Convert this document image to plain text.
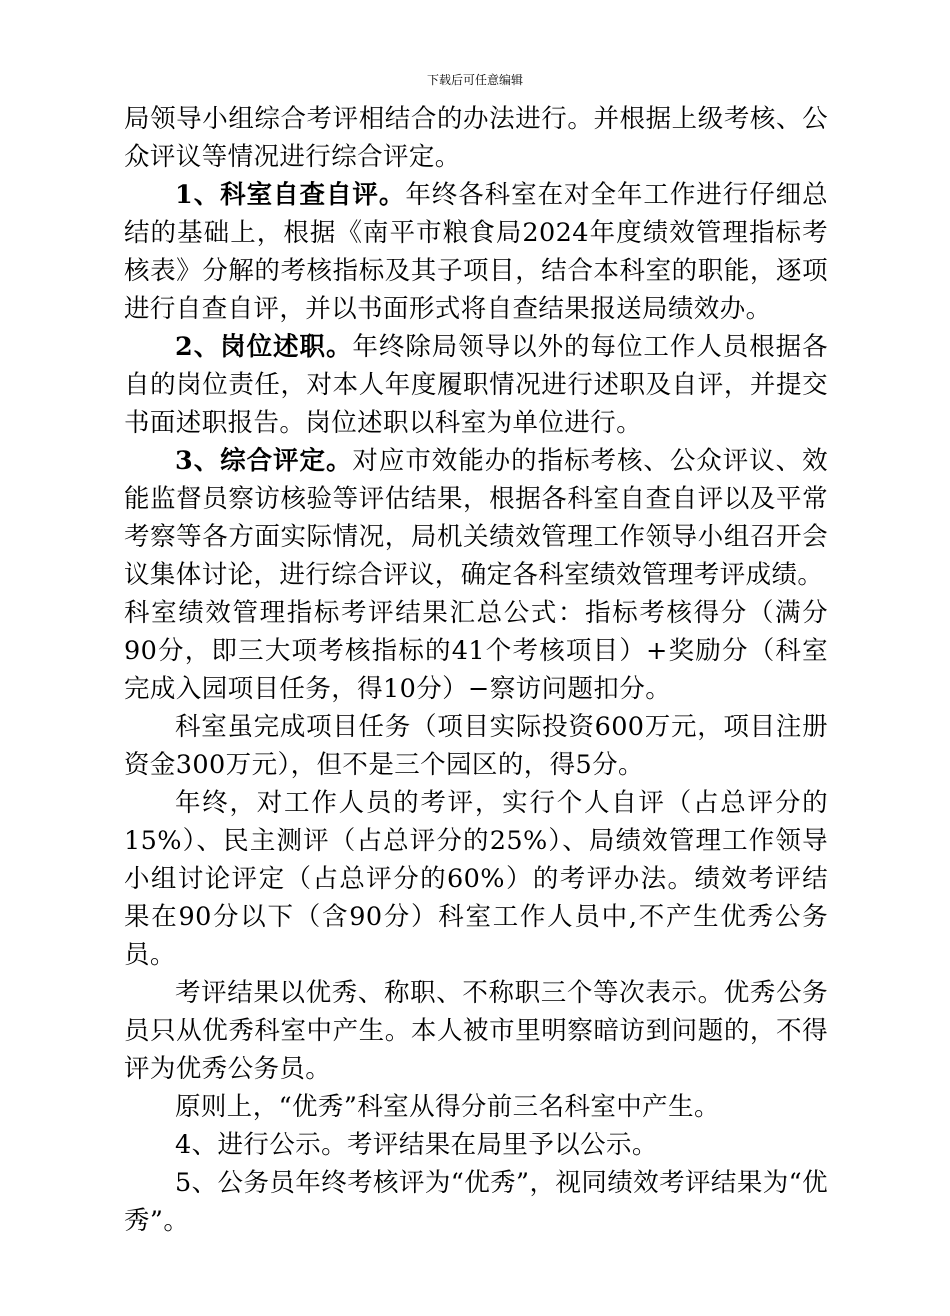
下载后可任意编辑

局领导小组综合考评相结合的办法进行。并根据上级考核、公众评议等情况进行综合评定。

1、科室自查自评。年终各科室在对全年工作进行仔细总结的基础上，根据《南平市粮食局2024年度绩效管理指标考核表》分解的考核指标及其子项目，结合本科室的职能，逐项进行自查自评，并以书面形式将自查结果报送局绩效办。

2、岗位述职。年终除局领导以外的每位工作人员根据各自的岗位责任，对本人年度履职情况进行述职及自评，并提交书面述职报告。岗位述职以科室为单位进行。

3、综合评定。对应市效能办的指标考核、公众评议、效能监督员察访核验等评估结果，根据各科室自查自评以及平常考察等各方面实际情况，局机关绩效管理工作领导小组召开会议集体讨论，进行综合评议，确定各科室绩效管理考评成绩。

科室绩效管理指标考评结果汇总公式：指标考核得分（满分90分，即三大项考核指标的41个考核项目）+奖励分（科室完成入园项目任务，得10分）−察访问题扣分。

科室虽完成项目任务（项目实际投资600万元，项目注册资金300万元），但不是三个园区的，得5分。

年终，对工作人员的考评，实行个人自评（占总评分的15%）、民主测评（占总评分的25%）、局绩效管理工作领导小组讨论评定（占总评分的60%）的考评办法。绩效考评结果在90分以下（含90分）科室工作人员中,不产生优秀公务员。

考评结果以优秀、称职、不称职三个等次表示。优秀公务员只从优秀科室中产生。本人被市里明察暗访到问题的，不得评为优秀公务员。

原则上，“优秀”科室从得分前三名科室中产生。

4、进行公示。考评结果在局里予以公示。

5、公务员年终考核评为“优秀”，视同绩效考评结果为“优秀”。
